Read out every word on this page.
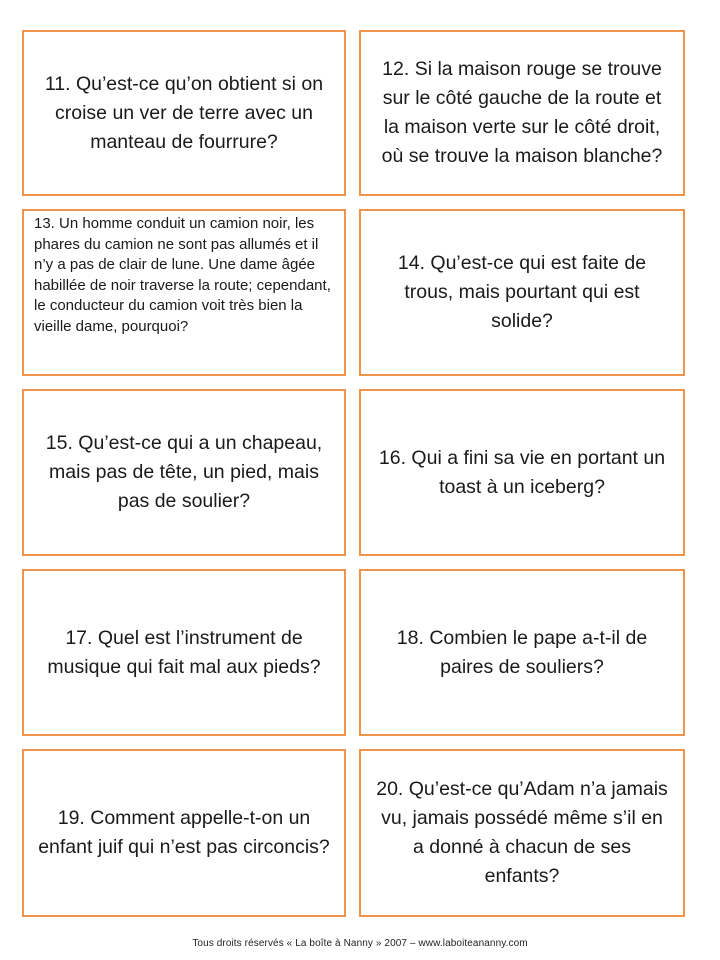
11. Qu’est-ce qu’on obtient si on croise un ver de terre avec un manteau de fourrure?
12. Si la maison rouge se trouve sur le côté gauche de la route et la maison verte sur le côté droit, où se trouve la maison blanche?
13. Un homme conduit un camion noir, les phares du camion ne sont pas allumés et il n’y a pas de clair de lune. Une dame âgée habillée de noir traverse la route; cependant, le conducteur du camion voit très bien la vieille dame, pourquoi?
14. Qu’est-ce qui est faite de trous, mais pourtant qui est solide?
15. Qu’est-ce qui a un chapeau, mais pas de tête, un pied, mais pas de soulier?
16. Qui a fini sa vie en portant un toast à un iceberg?
17. Quel est l’instrument de musique qui fait mal aux pieds?
18. Combien le pape a-t-il de paires de souliers?
19. Comment appelle-t-on un enfant juif qui n’est pas circoncis?
20. Qu’est-ce qu’Adam n’a jamais vu, jamais possédé même s’il en a donné à chacun de ses enfants?
Tous droits réservés « La boîte à Nanny » 2007 – www.laboiteananny.com
